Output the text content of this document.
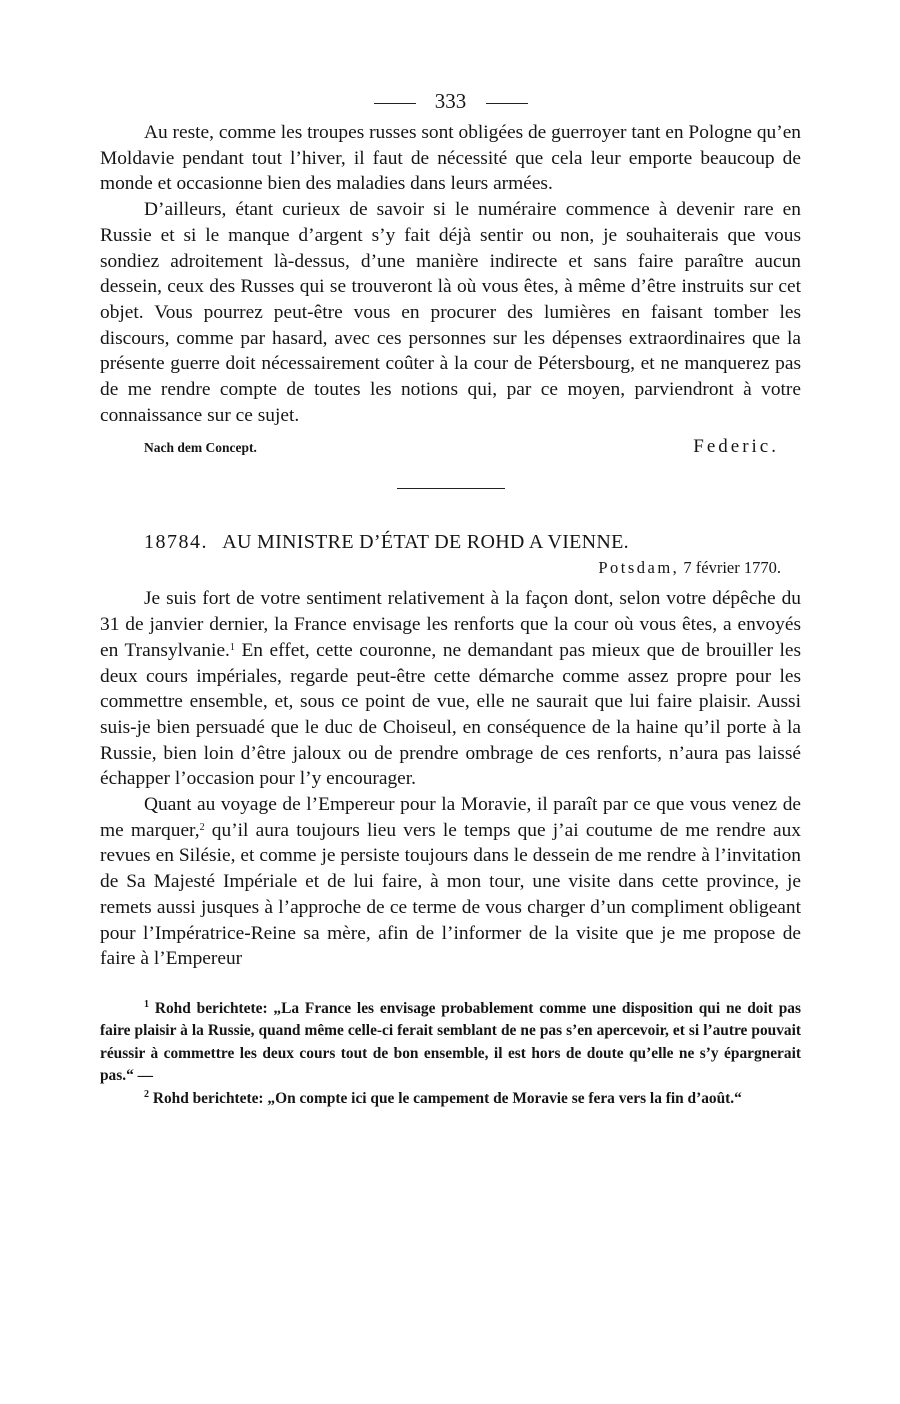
333

Au reste, comme les troupes russes sont obligées de guerroyer tant en Pologne qu’en Moldavie pendant tout l’hiver, il faut de nécessité que cela leur emporte beaucoup de monde et occasionne bien des maladies dans leurs armées.

D’ailleurs, étant curieux de savoir si le numéraire commence à devenir rare en Russie et si le manque d’argent s’y fait déjà sentir ou non, je souhaiterais que vous sondiez adroitement là-dessus, d’une manière indirecte et sans faire paraître aucun dessein, ceux des Russes qui se trouveront là où vous êtes, à même d’être instruits sur cet objet. Vous pourrez peut-être vous en procurer des lumières en faisant tomber les discours, comme par hasard, avec ces personnes sur les dépenses extraordinaires que la présente guerre doit nécessairement coûter à la cour de Pétersbourg, et ne manquerez pas de me rendre compte de toutes les notions qui, par ce moyen, parviendront à votre connaissance sur ce sujet.

Nach dem Concept.	Federic.
18784. AU MINISTRE D’ÉTAT DE ROHD A VIENNE.
Potsdam, 7 février 1770.

Je suis fort de votre sentiment relativement à la façon dont, selon votre dépêche du 31 de janvier dernier, la France envisage les renforts que la cour où vous êtes, a envoyés en Transylvanie.$^1$ En effet, cette couronne, ne demandant pas mieux que de brouiller les deux cours impériales, regarde peut-être cette démarche comme assez propre pour les commettre ensemble, et, sous ce point de vue, elle ne saurait que lui faire plaisir. Aussi suis-je bien persuadé que le duc de Choiseul, en conséquence de la haine qu’il porte à la Russie, bien loin d’être jaloux ou de prendre ombrage de ces renforts, n’aura pas laissé échapper l’occasion pour l’y encourager.

Quant au voyage de l’Empereur pour la Moravie, il paraît par ce que vous venez de me marquer,$^2$ qu’il aura toujours lieu vers le temps que j’ai coutume de me rendre aux revues en Silésie, et comme je persiste toujours dans le dessein de me rendre à l’invitation de Sa Majesté Impériale et de lui faire, à mon tour, une visite dans cette province, je remets aussi jusques à l’approche de ce terme de vous charger d’un compliment obligeant pour l’Impératrice-Reine sa mère, afin de l’informer de la visite que je me propose de faire à l’Empereur

$^1$ Rohd berichtete: „La France les envisage probablement comme une disposition qui ne doit pas faire plaisir à la Russie, quand même celle-ci ferait semblant de ne pas s’en apercevoir, et si l’autre pouvait réussir à commettre les deux cours tout de bon ensemble, il est hors de doute qu’elle ne s’y épargnerait pas.“ —

$^2$ Rohd berichtete: „On compte ici que le campement de Moravie se fera vers la fin d’août.“
